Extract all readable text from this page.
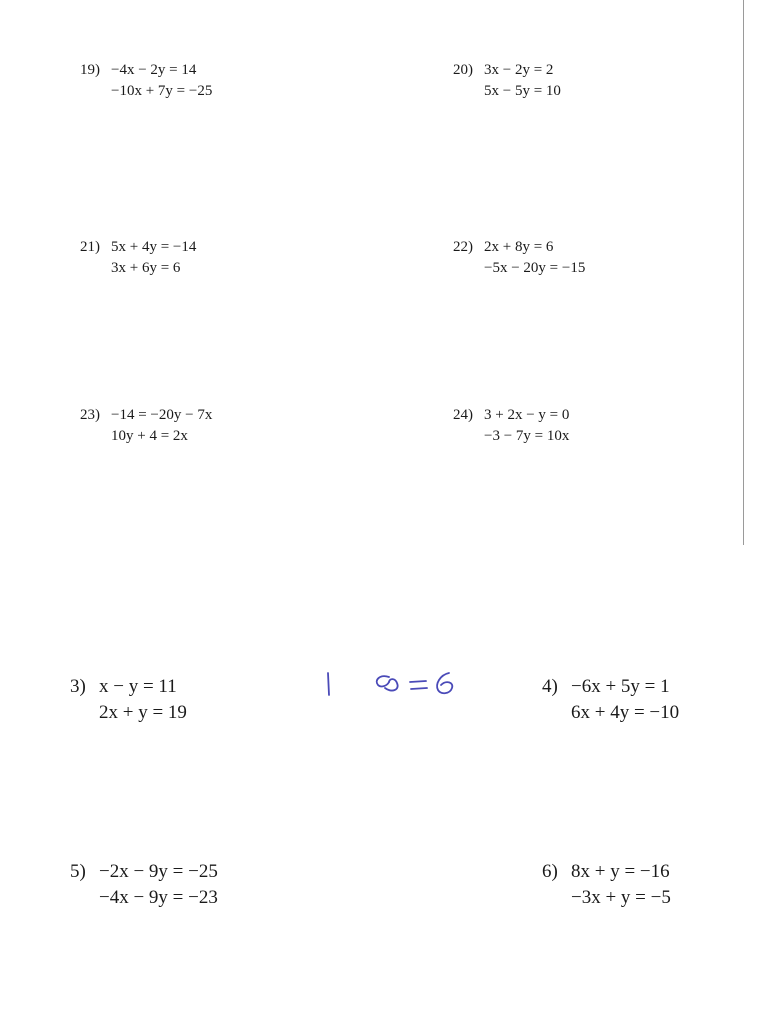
19) −4x − 2y = 14
−10x + 7y = −25
20) 3x − 2y = 2
5x − 5y = 10
21) 5x + 4y = −14
3x + 6y = 6
22) 2x + 8y = 6
−5x − 20y = −15
23) −14 = −20y − 7x
10y + 4 = 2x
24) 3 + 2x − y = 0
−3 − 7y = 10x
3) x − y = 11
2x + y = 19
4) −6x + 5y = 1
6x + 4y = −10
5) −2x − 9y = −25
−4x − 9y = −23
6) 8x + y = −16
−3x + y = −5
